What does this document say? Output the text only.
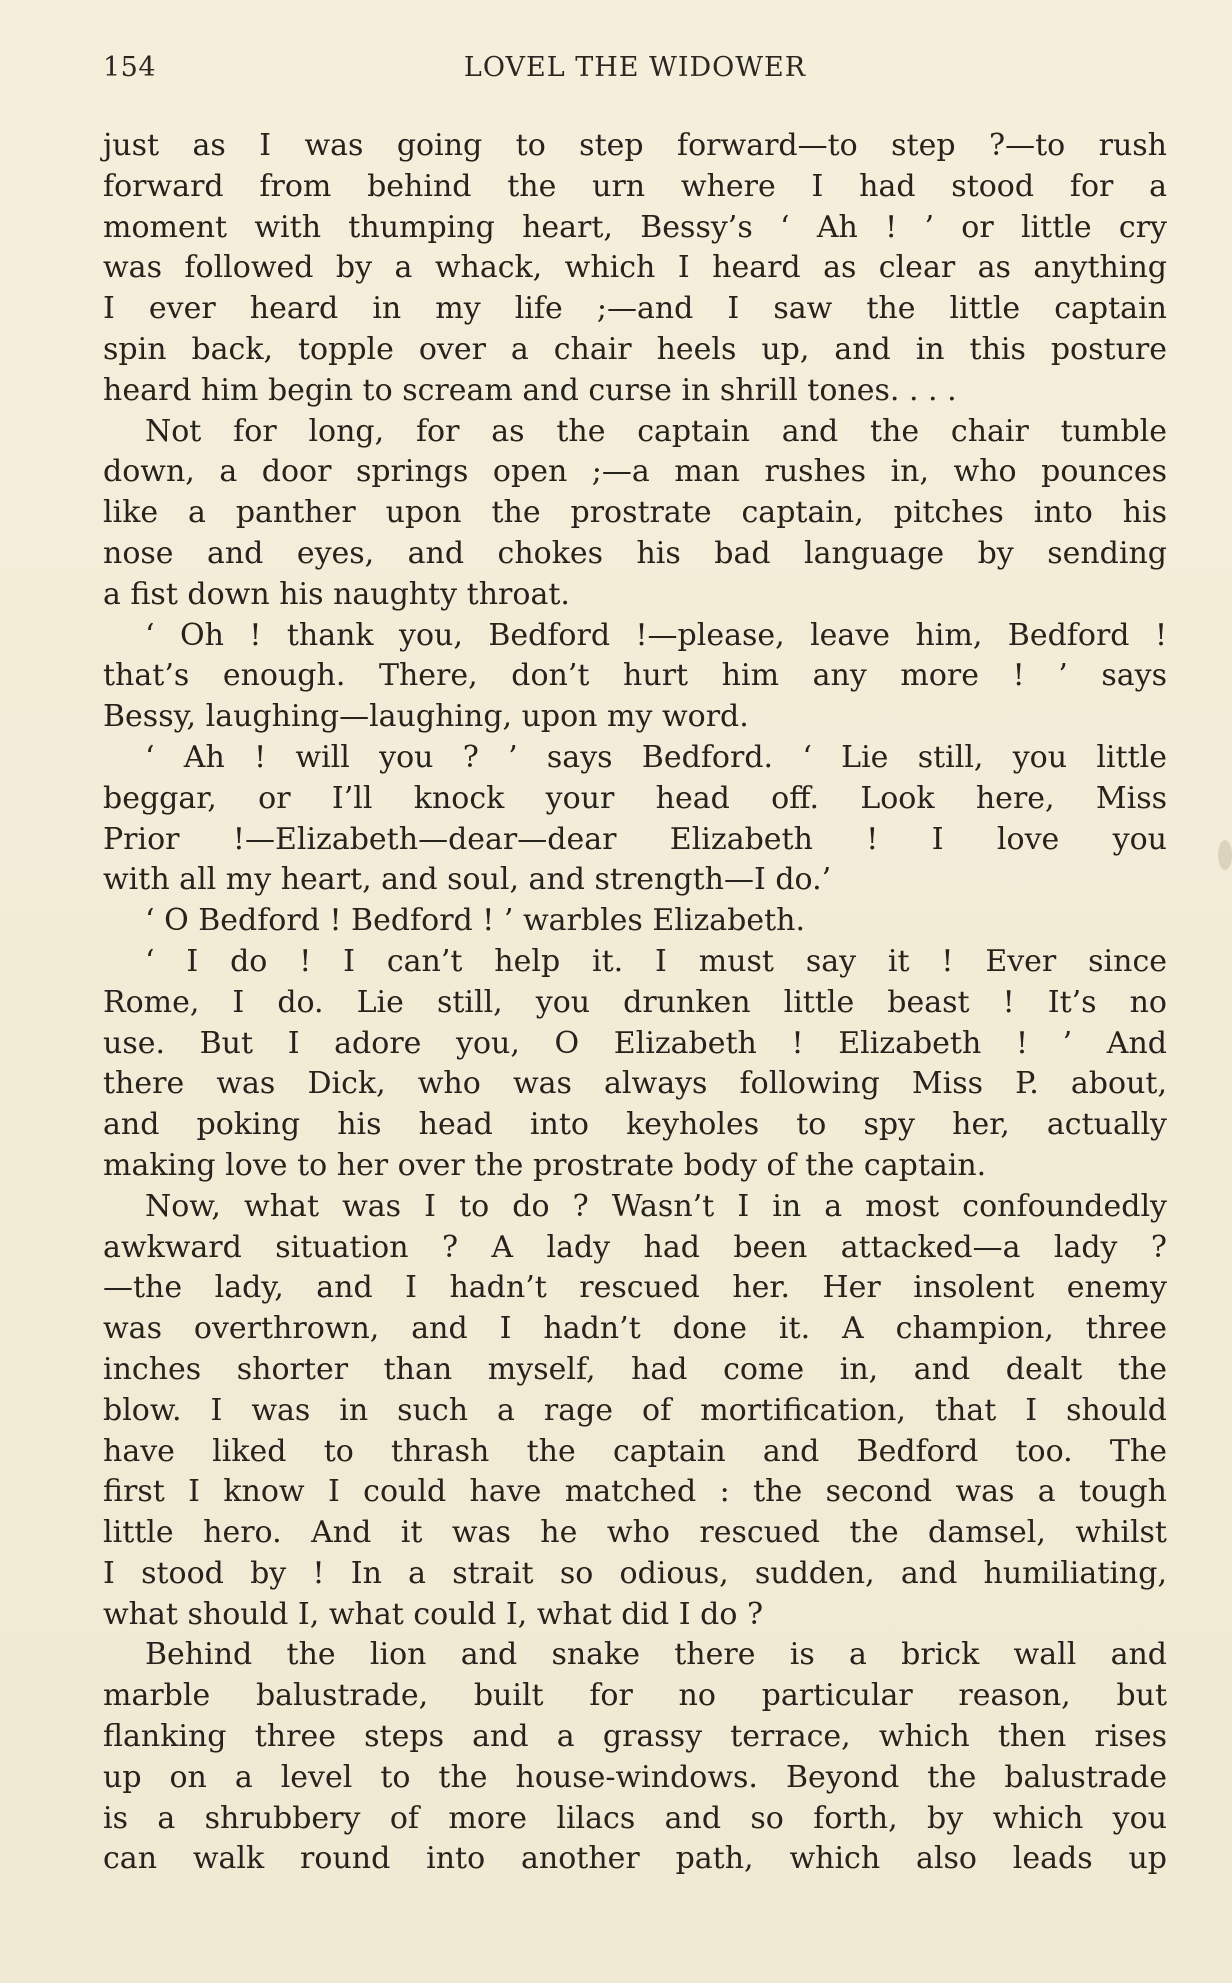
154	LOVEL THE WIDOWER

just as I was going to step forward—to step ?—to rush

forward from behind the urn where I had stood for a

moment with thumping heart, Bessy’s ‘ Ah ! ’ or little cry

was followed by a whack, which I heard as clear as anything

I ever heard in my life ;—and I saw the little captain

spin back, topple over a chair heels up, and in this posture

heard him begin to scream and curse in shrill tones. . . .

Not for long, for as the captain and the chair tumble

down, a door springs open ;—a man rushes in, who pounces

like a panther upon the prostrate captain, pitches into his

nose and eyes, and chokes his bad language by sending

a fist down his naughty throat.

‘ Oh ! thank you, Bedford !—please, leave him, Bedford !

that’s enough. There, don’t hurt him any more ! ’ says

Bessy, laughing—laughing, upon my word.

‘ Ah ! will you ? ’ says Bedford. ‘ Lie still, you little

beggar, or I’ll knock your head off. Look here, Miss

Prior !—Elizabeth—dear—dear Elizabeth ! I love you

with all my heart, and soul, and strength—I do.’

‘ O Bedford ! Bedford ! ’ warbles Elizabeth.

‘ I do ! I can’t help it. I must say it ! Ever since

Rome, I do. Lie still, you drunken little beast ! It’s no

use. But I adore you, O Elizabeth ! Elizabeth ! ’ And

there was Dick, who was always following Miss P. about,

and poking his head into keyholes to spy her, actually

making love to her over the prostrate body of the captain.

Now, what was I to do ? Wasn’t I in a most confoundedly

awkward situation ? A lady had been attacked—a lady ?

—the lady, and I hadn’t rescued her. Her insolent enemy

was overthrown, and I hadn’t done it. A champion, three

inches shorter than myself, had come in, and dealt the

blow. I was in such a rage of mortification, that I should

have liked to thrash the captain and Bedford too. The

first I know I could have matched : the second was a tough

little hero. And it was he who rescued the damsel, whilst

I stood by ! In a strait so odious, sudden, and humiliating,

what should I, what could I, what did I do ?

Behind the lion and snake there is a brick wall and

marble balustrade, built for no particular reason, but

flanking three steps and a grassy terrace, which then rises

up on a level to the house-windows. Beyond the balustrade

is a shrubbery of more lilacs and so forth, by which you

can walk round into another path, which also leads up
